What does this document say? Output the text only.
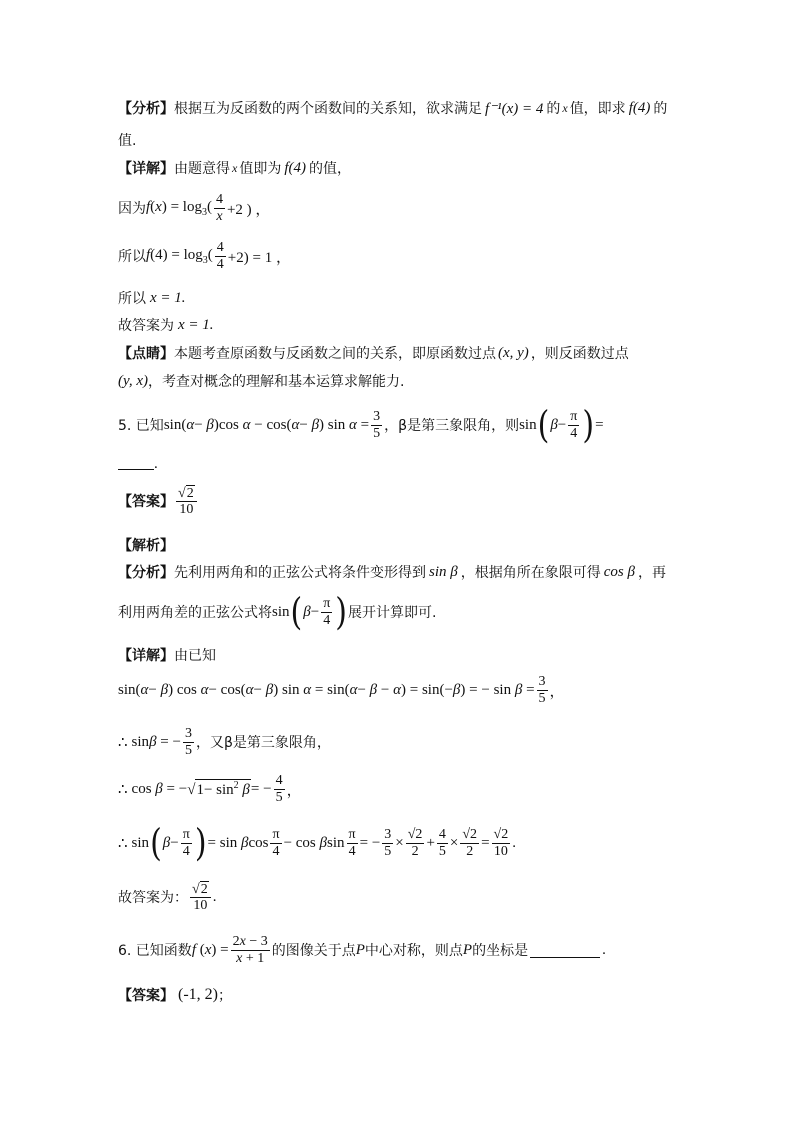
【分析】 根据互为反函数的两个函数间的关系知，欲求满足 f⁻¹(x) = 4 的 x 值，即求 f(4) 的
值.
【详解】 由题意得 x 值即为 f(4) 的值，
因为 $f(x) = \log_3( \frac{4}{x} +2$ ) ，
所以 $f(4) = \log_3( \frac{4}{4} +2) = 1$ ，
所以 x = 1.
故答案为 x = 1.
【点睛】 本题考查原函数与反函数之间的关系，即原函数过点 (x, y) ，则反函数过点
(y, x) ，考查对概念的理解和基本运算求解能力.
5. 已知 sin(α− β)cos α − cos(α− β) $\sin \alpha = \frac{3}{5}$ ，β是第三象限角，则 sin ( $\beta- \frac{\pi}{4}$ ) =
.
【答案】 $\frac{√ 2}{10}$
【解析】
【分析】 先利用两角和的正弦公式将条件变形得到 sin β ，根据角所在象限可得 cos β ，再
利用两角差的正弦公式将 sin ( $\beta- \frac{\pi}{4}$ ) 展开计算即可.
【详解】 由已知
sin(α− β) cos α− cos(α− β) sin α = sin(α− β − α) = sin(−β) = − $\sin \beta = \frac{3}{5}$ ，
∴ sinβ = − $\frac{3}{5}$ ，又β是第三象限角，
∴ cos β = − √ $1- \sin^2 \beta$ = − $\frac{4}{5}$ ，
∴ sin ( $\beta- \frac{\pi}{4}$ ) = sin βcos $\frac{\pi}{4} - \cos \beta\sin \frac{\pi}{4}$ = − $\frac{3}{5} \times \frac{√2}{2} + \frac{4}{5} \times \frac{√2}{2} = \frac{√2}{10}$ .
故答案为： $\frac{√ 2}{10}$ .
6. 已知函数 f $(x) = \frac{2x - 3}{x + 1}$ 的图像关于点 P 中心对称，则点 P 的坐标是	.
【答案】 (-1, 2) ；
